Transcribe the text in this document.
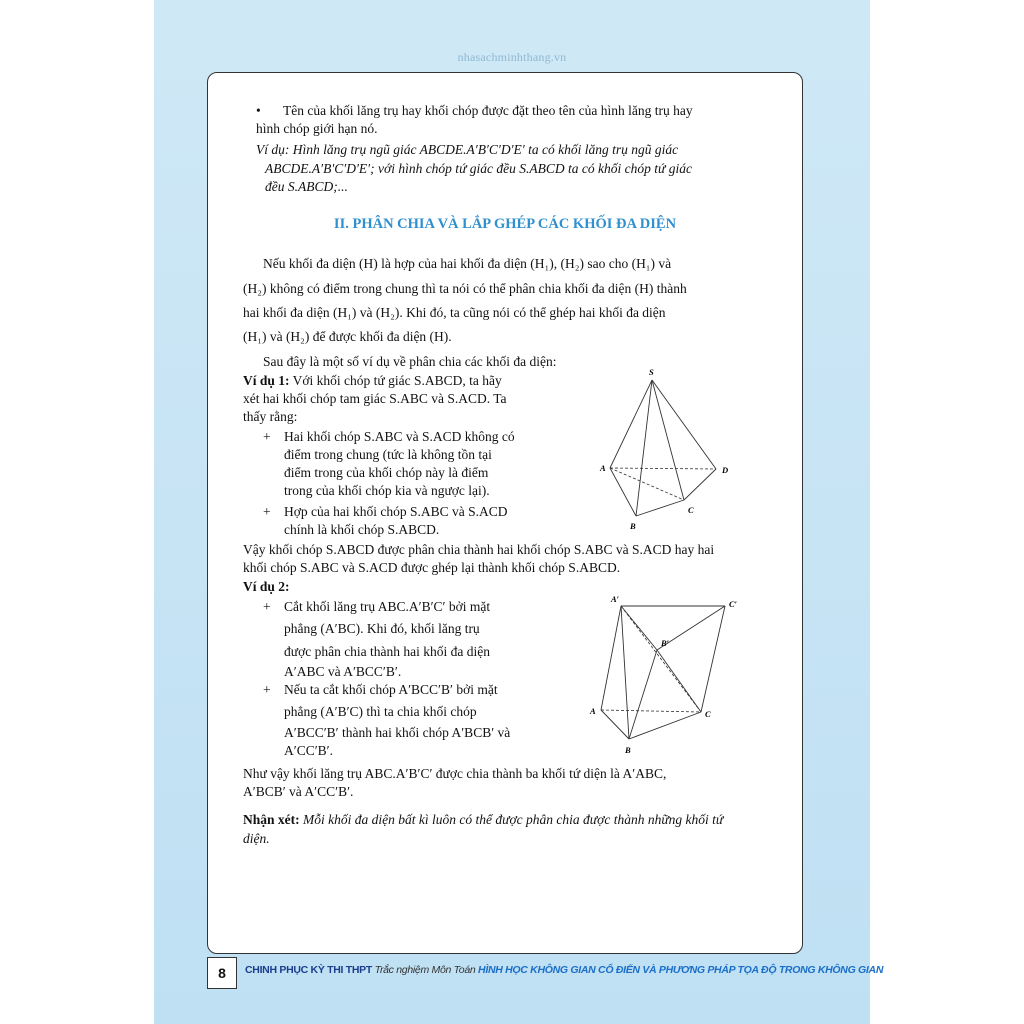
nhasachminhthang.vn
• Tên của khối lăng trụ hay khối chóp được đặt theo tên của hình lăng trụ hay
hình chóp giới hạn nó.
Ví dụ: Hình lăng trụ ngũ giác ABCDE.A′B′C′D′E′ ta có khối lăng trụ ngũ giác
ABCDE.A′B′C′D′E′; với hình chóp tứ giác đều S.ABCD ta có khối chóp tứ giác
đều S.ABCD;...
II. PHÂN CHIA VÀ LẮP GHÉP CÁC KHỐI ĐA DIỆN
Nếu khối đa diện (H) là hợp của hai khối đa diện (H₁), (H₂) sao cho (H₁) và
(H₂) không có điểm trong chung thì ta nói có thể phân chia khối đa diện (H) thành
hai khối đa diện (H₁) và (H₂). Khi đó, ta cũng nói có thể ghép hai khối đa diện
(H₁) và (H₂) để được khối đa diện (H).
Sau đây là một số ví dụ về phân chia các khối đa diện:
Ví dụ 1: Với khối chóp tứ giác S.ABCD, ta hãy
xét hai khối chóp tam giác S.ABC và S.ACD. Ta
thấy rằng:
+ Hai khối chóp S.ABC và S.ACD không có
điểm trong chung (tức là không tồn tại
điểm trong của khối chóp này là điểm
trong của khối chóp kia và ngược lại).
+ Hợp của hai khối chóp S.ABC và S.ACD
chính là khối chóp S.ABCD.
Vậy khối chóp S.ABCD được phân chia thành hai khối chóp S.ABC và S.ACD hay hai
khối chóp S.ABC và S.ACD được ghép lại thành khối chóp S.ABCD.
S
A
B
C
D
Ví dụ 2:
+ Cắt khối lăng trụ ABC.A′B′C′ bởi mặt
phẳng (A′BC). Khi đó, khối lăng trụ
được phân chia thành hai khối đa diện
A′ABC và A′BCC′B′.
+ Nếu ta cắt khối chóp A′BCC′B′ bởi mặt
phẳng (A′B′C) thì ta chia khối chóp
A′BCC′B′ thành hai khối chóp A′BCB′ và
A′CC′B′.
Như vậy khối lăng trụ ABC.A′B′C′ được chia thành ba khối tứ diện là A′ABC,
A′BCB′ và A′CC′B′.
A′	C′
B′
A	C
B
Nhận xét: Mỗi khối đa diện bất kì luôn có thể được phân chia được thành những khối tứ
diện.
8	CHINH PHỤC KỲ THI THPT Trắc nghiệm Môn Toán HÌNH HỌC KHÔNG GIAN CỔ ĐIỂN VÀ PHƯƠNG PHÁP TỌA ĐỘ TRONG KHÔNG GIAN
